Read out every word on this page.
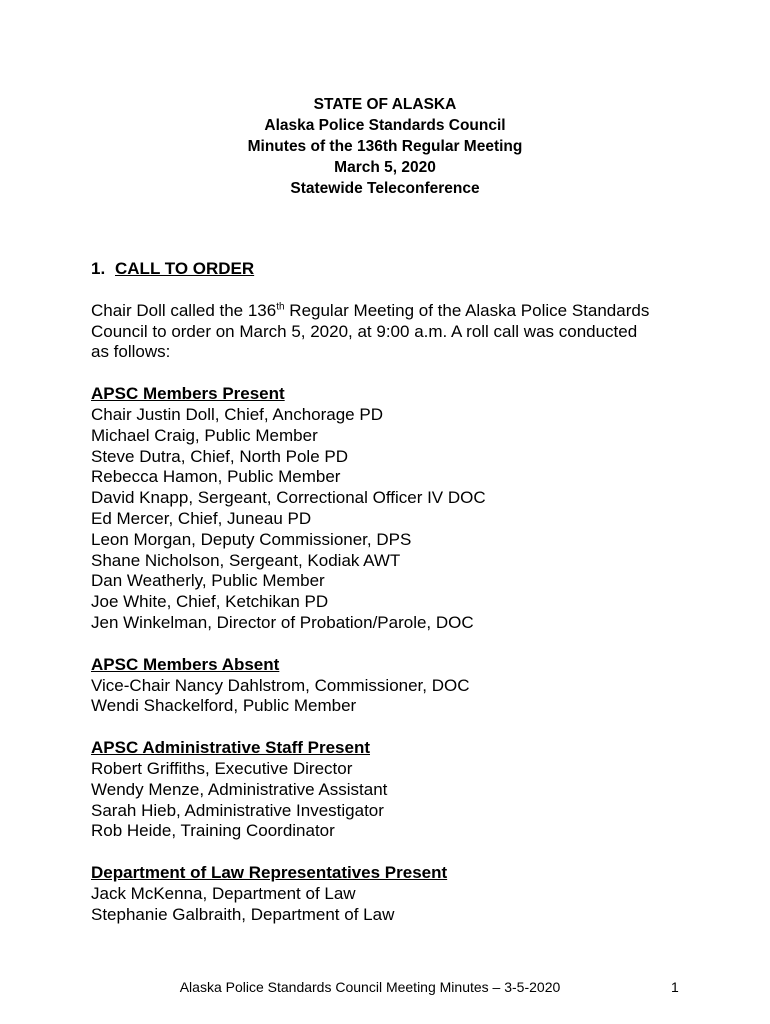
STATE OF ALASKA
Alaska Police Standards Council
Minutes of the 136th Regular Meeting
March 5, 2020
Statewide Teleconference
1. CALL TO ORDER
Chair Doll called the 136th Regular Meeting of the Alaska Police Standards
Council to order on March 5, 2020, at 9:00 a.m. A roll call was conducted
as follows:
APSC Members Present
Chair Justin Doll, Chief, Anchorage PD
Michael Craig, Public Member
Steve Dutra, Chief, North Pole PD
Rebecca Hamon, Public Member
David Knapp, Sergeant, Correctional Officer IV DOC
Ed Mercer, Chief, Juneau PD
Leon Morgan, Deputy Commissioner, DPS
Shane Nicholson, Sergeant, Kodiak AWT
Dan Weatherly, Public Member
Joe White, Chief, Ketchikan PD
Jen Winkelman, Director of Probation/Parole, DOC
APSC Members Absent
Vice-Chair Nancy Dahlstrom, Commissioner, DOC
Wendi Shackelford, Public Member
APSC Administrative Staff Present
Robert Griffiths, Executive Director
Wendy Menze, Administrative Assistant
Sarah Hieb, Administrative Investigator
Rob Heide, Training Coordinator
Department of Law Representatives Present
Jack McKenna, Department of Law
Stephanie Galbraith, Department of Law
Alaska Police Standards Council Meeting Minutes – 3-5-2020	1
